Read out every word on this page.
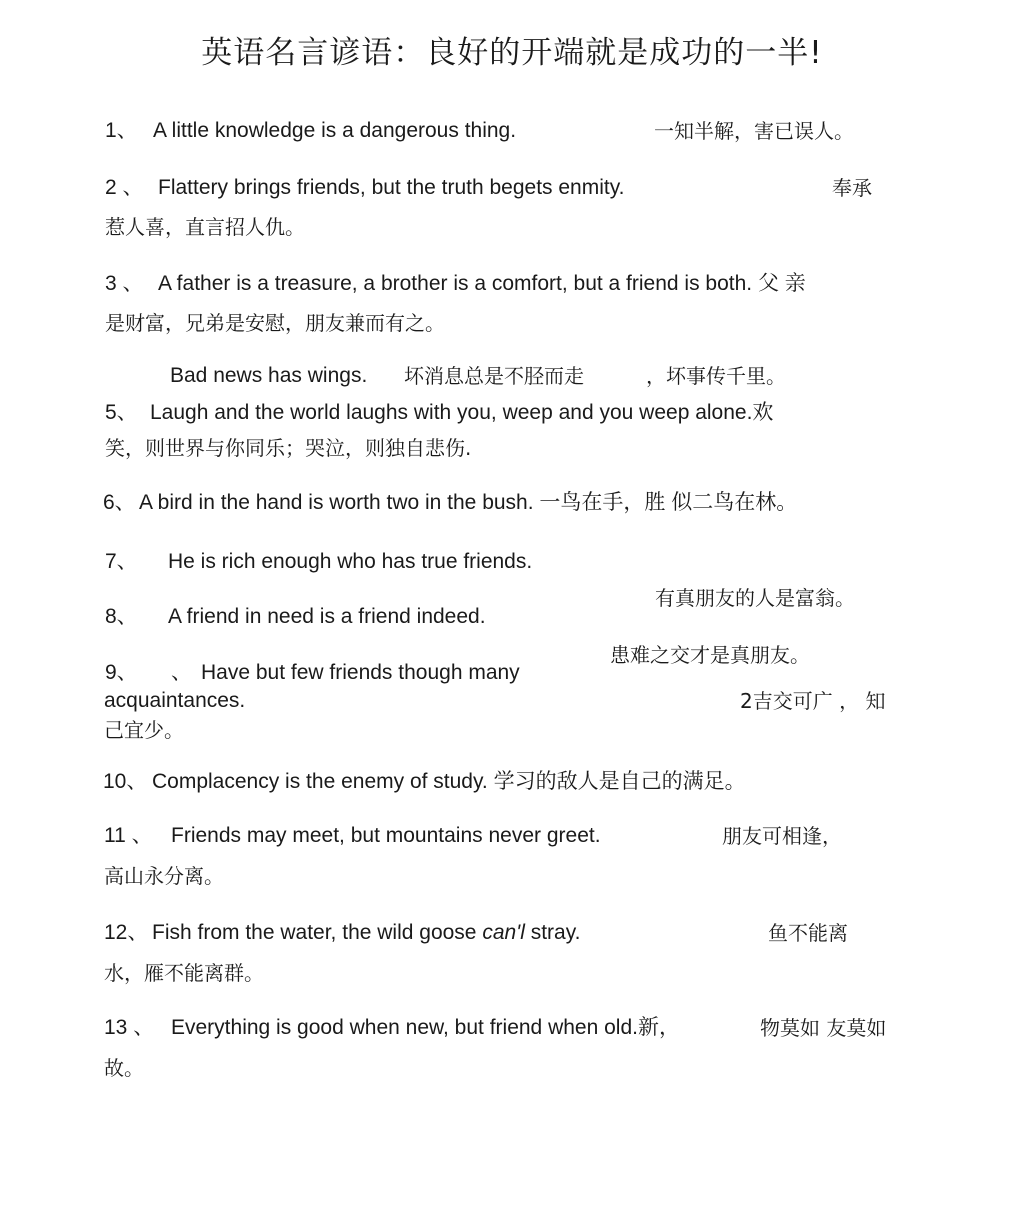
英语名言谚语：良好的开端就是成功的一半!
1、 A little knowledge is a dangerous thing.	一知半解，害已误人。
2 、 Flattery brings friends, but the truth begets enmity.	奉承
惹人喜，直言招人仇。
3 、 A father is a treasure, a brother is a comfort, but a friend is both. 父 亲
是财富，兄弟是安慰，朋友兼而有之。
Bad news has wings. 坏消息总是不胫而走	，坏事传千里。
5、 Laugh and the world laughs with you, weep and you weep alone.欢
笑，则世界与你同乐；哭泣，则独自悲伤.
6、 A bird in the hand is worth two in the bush. 一鸟在手，胜 似二鸟在林。
7、 He is rich enough who has true friends.
有真朋友的人是富翁。
8、 A friend in need is a friend indeed.
患难之交才是真朋友。
9、 、 Have but few friends though many
acquaintances.	2吉交可广 ， 知
己宜少。
10、 Complacency is the enemy of study. 学习的敌人是自己的满足。
11 、 Friends may meet, but mountains never greet.	朋友可相逢，
高山永分离。
12、 Fish from the water, the wild goose can'l stray.	鱼不能离
水，雁不能离群。
13 、 Everything is good when new, but friend when old.新，	物莫如 友莫如
故。
